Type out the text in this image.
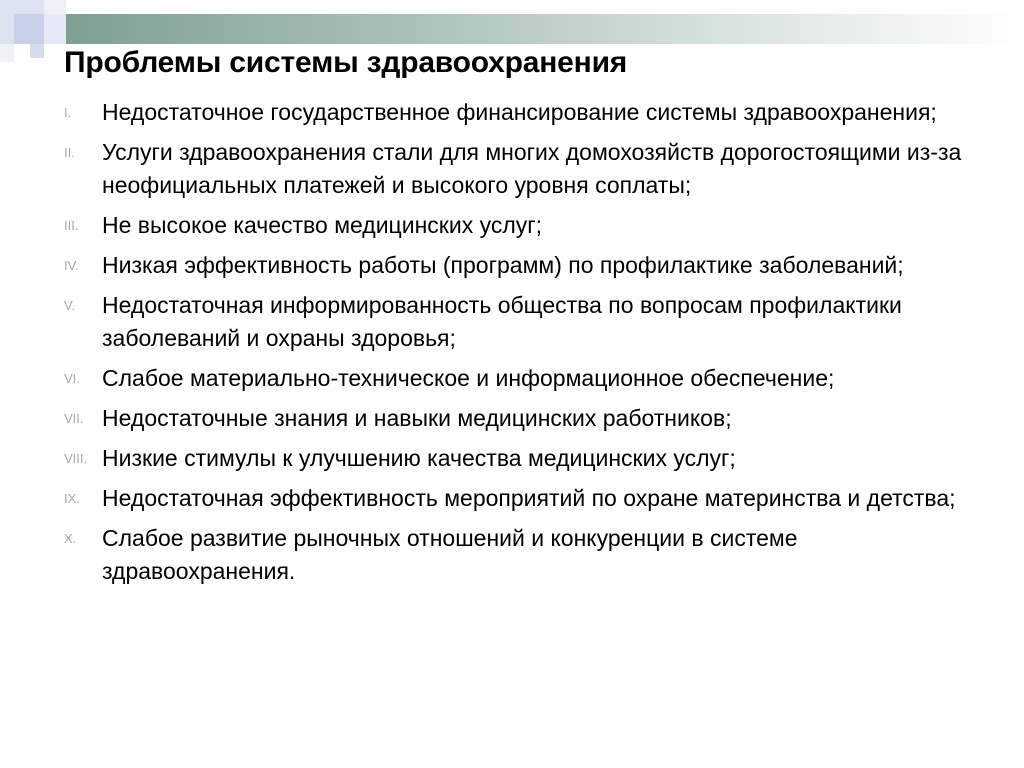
Проблемы системы здравоохранения
I.	Недостаточное государственное финансирование системы здравоохранения;
II.	Услуги здравоохранения стали для многих домохозяйств дорогостоящими из-за неофициальных платежей и высокого уровня соплаты;
III.	Не высокое качество медицинских услуг;
IV.	Низкая эффективность работы (программ) по профилактике заболеваний;
V.	Недостаточная информированность общества по вопросам профилактики заболеваний и охраны здоровья;
VI. Слабое материально-техническое и информационное обеспечение;
VII. Недостаточные знания и навыки медицинских работников;
VIII. Низкие стимулы к улучшению качества медицинских услуг;
IX. Недостаточная эффективность мероприятий по охране материнства и детства;
X.	Слабое развитие рыночных отношений и конкуренции в системе здравоохранения.
